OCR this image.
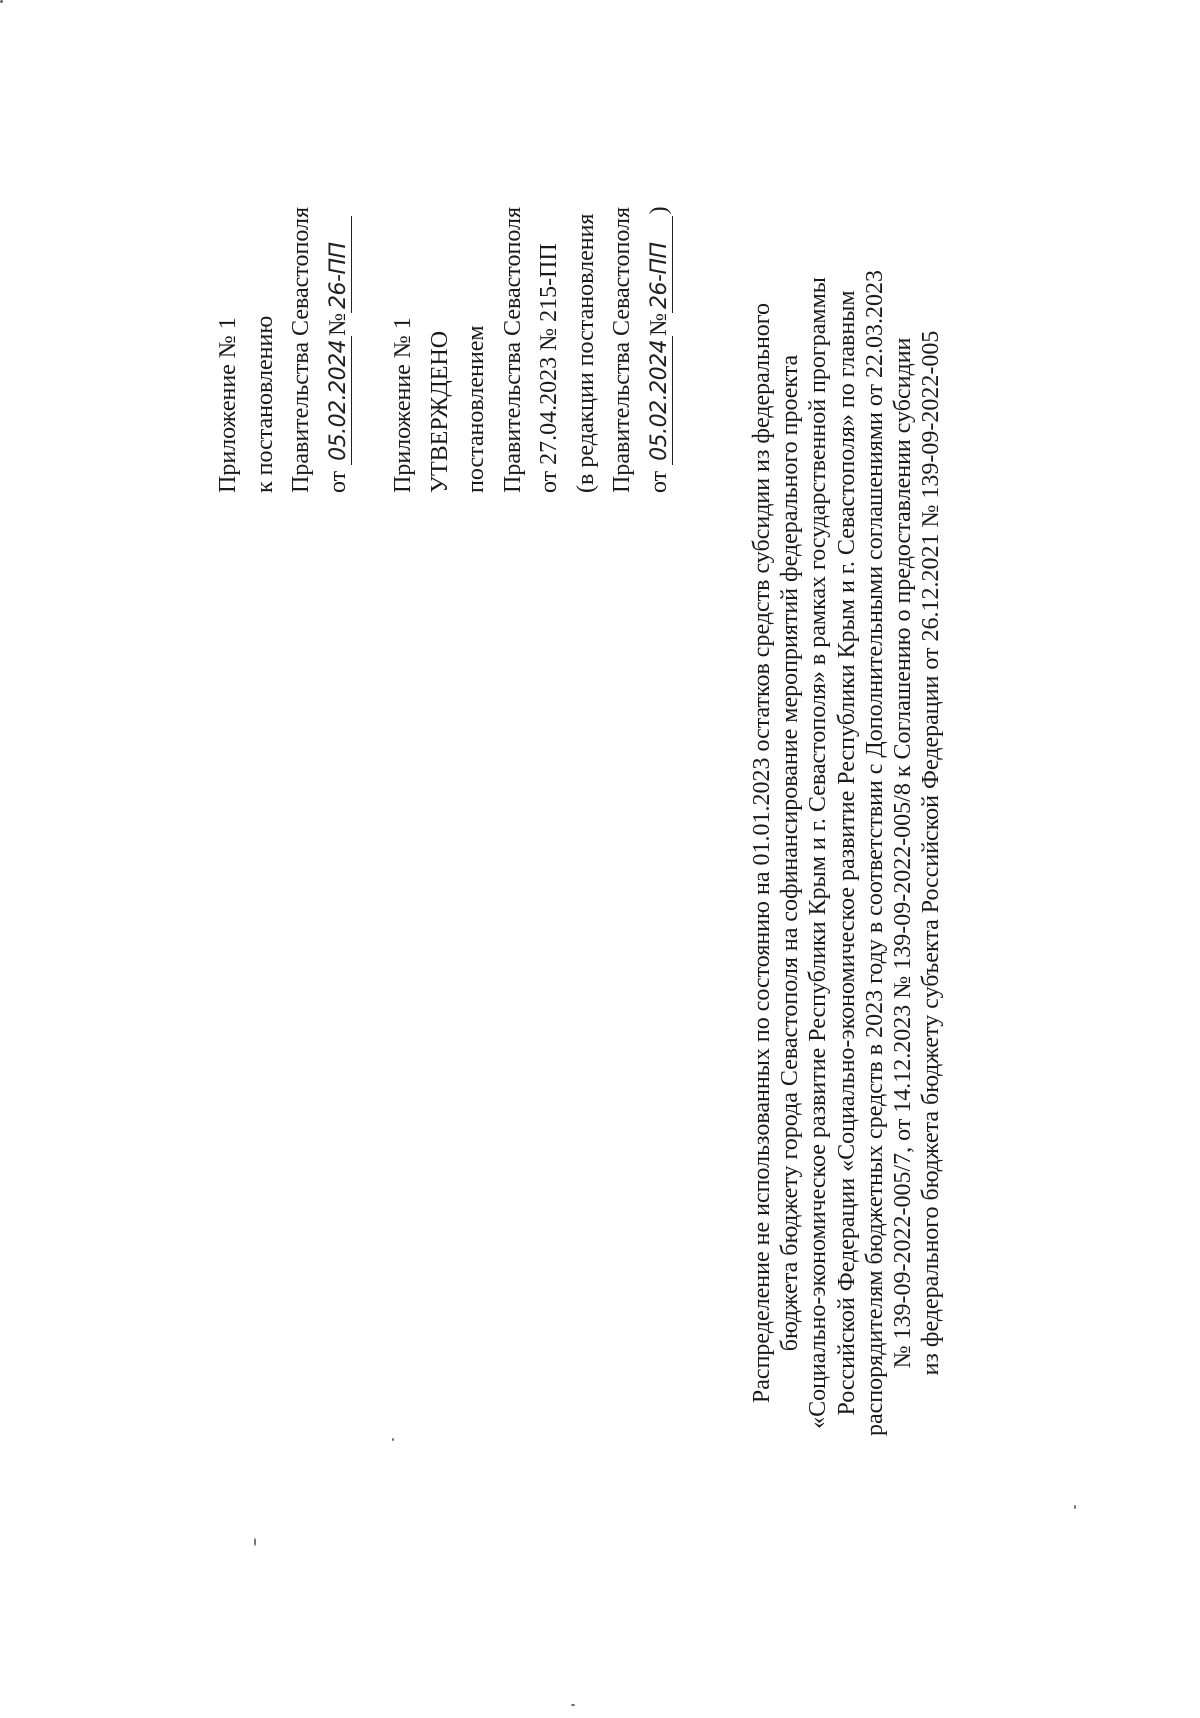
Приложение № 1 к постановлению Правительства Севастополя от 05.02.2024№26-ПП
Приложение № 1 УТВЕРЖДЕНО постановлением Правительства Севастополя от 27.04.2023 № 215-ПП (в редакции постановления Правительства Севастополя от 05.02.2024№26-ПП)
Распределение не использованных по состоянию на 01.01.2023 остатков средств субсидии из федерального бюджета бюджету города Севастополя на софинансирование мероприятий федерального проекта «Социально-экономическое развитие Республики Крым и г. Севастополя» в рамках государственной программы Российской Федерации «Социально-экономическое развитие Республики Крым и г. Севастополя» по главным распорядителям бюджетных средств в 2023 году в соответствии с Дополнительными соглашениями от 22.03.2023 № 139-09-2022-005/7, от 14.12.2023 № 139-09-2022-005/8 к Соглашению о предоставлении субсидии из федерального бюджета бюджету субъекта Российской Федерации от 26.12.2021 № 139-09-2022-005
